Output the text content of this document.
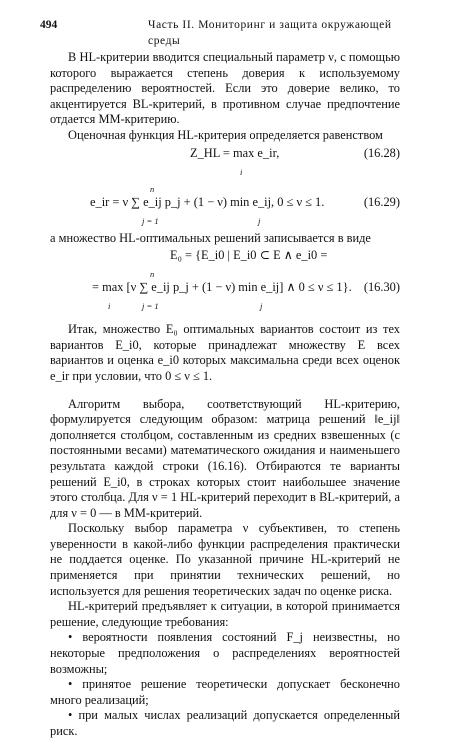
494	Часть II. Мониторинг и защита окружающей среды

В HL-критерии вводится специальный параметр ν, с помощью которого выражается степень доверия к используемому распределению вероятностей. Если это доверие велико, то акцентируется BL-критерий, в противном случае предпочтение отдается MM-критерию.

Оценочная функция HL-критерия определяется равенством

Z_HL = max e_ir,	(16.28)
i
n
e_ir = ν ∑ e_ij p_j + (1 − ν) min e_ij, 0 ≤ ν ≤ 1.	(16.29)
j = 1	j

а множество HL-оптимальных решений записывается в виде

E₀ = {E_i0 | E_i0 ⊂ E ∧ e_i0 =
n
= max [ν ∑ e_ij p_j + (1 − ν) min e_ij] ∧ 0 ≤ ν ≤ 1}. (16.30)
i	j = 1	j

Итак, множество E₀ оптимальных вариантов состоит из тех вариантов E_i0, которые принадлежат множеству E всех вариантов и оценка e_i0 которых максимальна среди всех оценок e_ir при условии, что 0 ≤ ν ≤ 1.

Алгоритм выбора, соответствующий HL-критерию, формулируется следующим образом: матрица решений ‖e_ij‖ дополняется столбцом, составленным из средних взвешенных (с постоянными весами) математического ожидания и наименьшего результата каждой строки (16.16). Отбираются те варианты решений E_i0, в строках которых стоит наибольшее значение этого столбца. Для ν = 1 HL-критерий переходит в BL-критерий, а для ν = 0 — в MM-критерий.

Поскольку выбор параметра ν субъективен, то степень уверенности в какой-либо функции распределения практически не поддается оценке. По указанной причине HL-критерий не применяется при принятии технических решений, но используется для решения теоретических задач по оценке риска.

HL-критерий предъявляет к ситуации, в которой принимается решение, следующие требования:

• вероятности появления состояний F_j неизвестны, но некоторые предположения о распределениях вероятностей возможны;

• принятое решение теоретически допускает бесконечно много реализаций;

• при малых числах реализаций допускается определенный риск.
